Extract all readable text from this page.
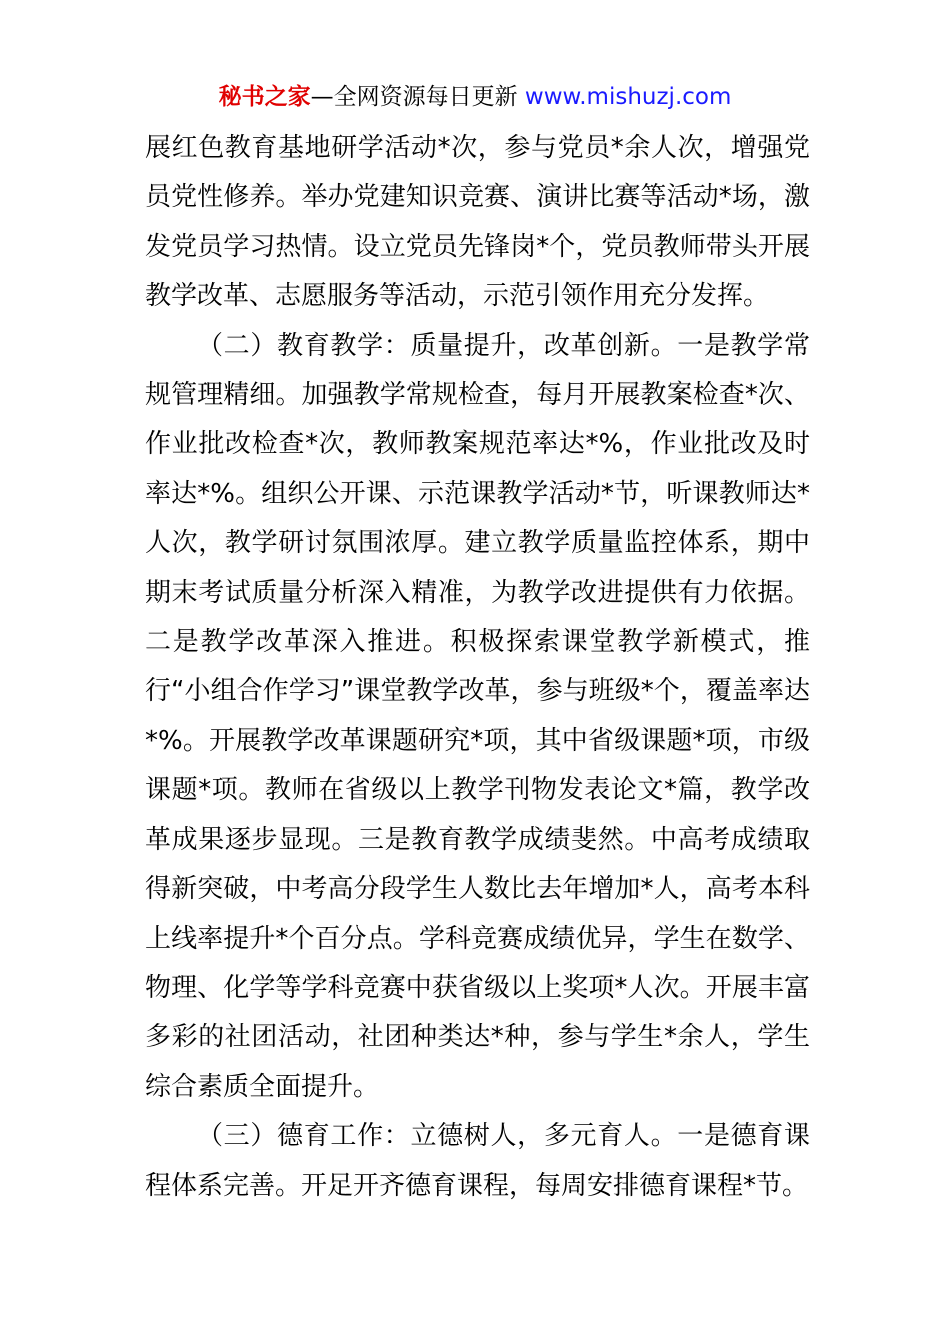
秘书之家—全网资源每日更新 www.mishuzj.com

展红色教育基地研学活动*次，参与党员*余人次，增强党员党性修养。举办党建知识竞赛、演讲比赛等活动*场，激发党员学习热情。设立党员先锋岗*个，党员教师带头开展教学改革、志愿服务等活动，示范引领作用充分发挥。

（二）教育教学：质量提升，改革创新。一是教学常规管理精细。加强教学常规检查，每月开展教案检查*次、作业批改检查*次，教师教案规范率达*%，作业批改及时率达*%。组织公开课、示范课教学活动*节，听课教师达*人次，教学研讨氛围浓厚。建立教学质量监控体系，期中期末考试质量分析深入精准，为教学改进提供有力依据。二是教学改革深入推进。积极探索课堂教学新模式，推行“小组合作学习”课堂教学改革，参与班级*个，覆盖率达*%。开展教学改革课题研究*项，其中省级课题*项，市级课题*项。教师在省级以上教学刊物发表论文*篇，教学改革成果逐步显现。三是教育教学成绩斐然。中高考成绩取得新突破，中考高分段学生人数比去年增加*人，高考本科上线率提升*个百分点。学科竞赛成绩优异，学生在数学、物理、化学等学科竞赛中获省级以上奖项*人次。开展丰富多彩的社团活动，社团种类达*种，参与学生*余人，学生综合素质全面提升。

（三）德育工作：立德树人，多元育人。一是德育课程体系完善。开足开齐德育课程，每周安排德育课程*节。
